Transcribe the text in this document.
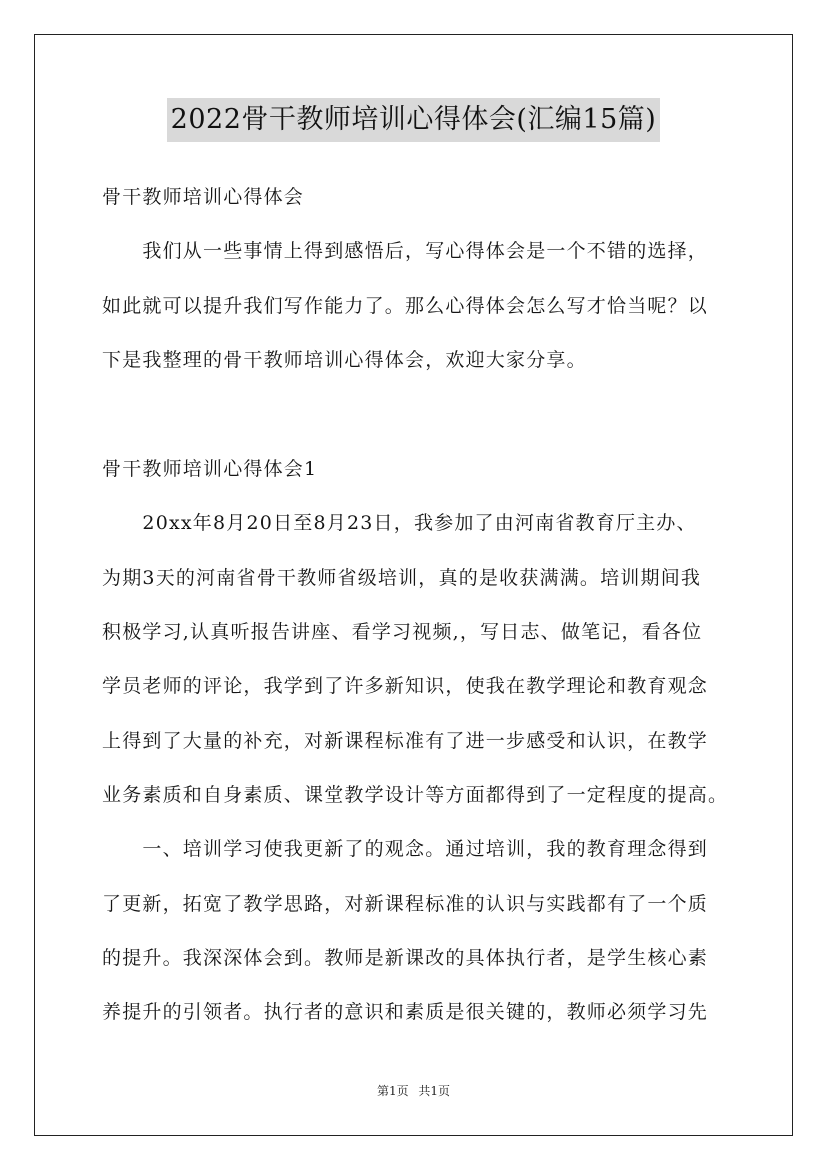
2022骨干教师培训心得体会(汇编15篇)
骨干教师培训心得体会
　　我们从一些事情上得到感悟后，写心得体会是一个不错的选择，
如此就可以提升我们写作能力了。那么心得体会怎么写才恰当呢？以
下是我整理的骨干教师培训心得体会，欢迎大家分享。
骨干教师培训心得体会1
　　20xx年8月20日至8月23日，我参加了由河南省教育厅主办、
为期3天的河南省骨干教师省级培训，真的是收获满满。培训期间我
积极学习,认真听报告讲座、看学习视频,，写日志、做笔记，看各位
学员老师的评论，我学到了许多新知识，使我在教学理论和教育观念
上得到了大量的补充，对新课程标准有了进一步感受和认识，在教学
业务素质和自身素质、课堂教学设计等方面都得到了一定程度的提高。
　　一、培训学习使我更新了的观念。通过培训，我的教育理念得到
了更新，拓宽了教学思路，对新课程标准的认识与实践都有了一个质
的提升。我深深体会到。教师是新课改的具体执行者，是学生核心素
养提升的引领者。执行者的意识和素质是很关键的，教师必须学习先
第1页 共1页
